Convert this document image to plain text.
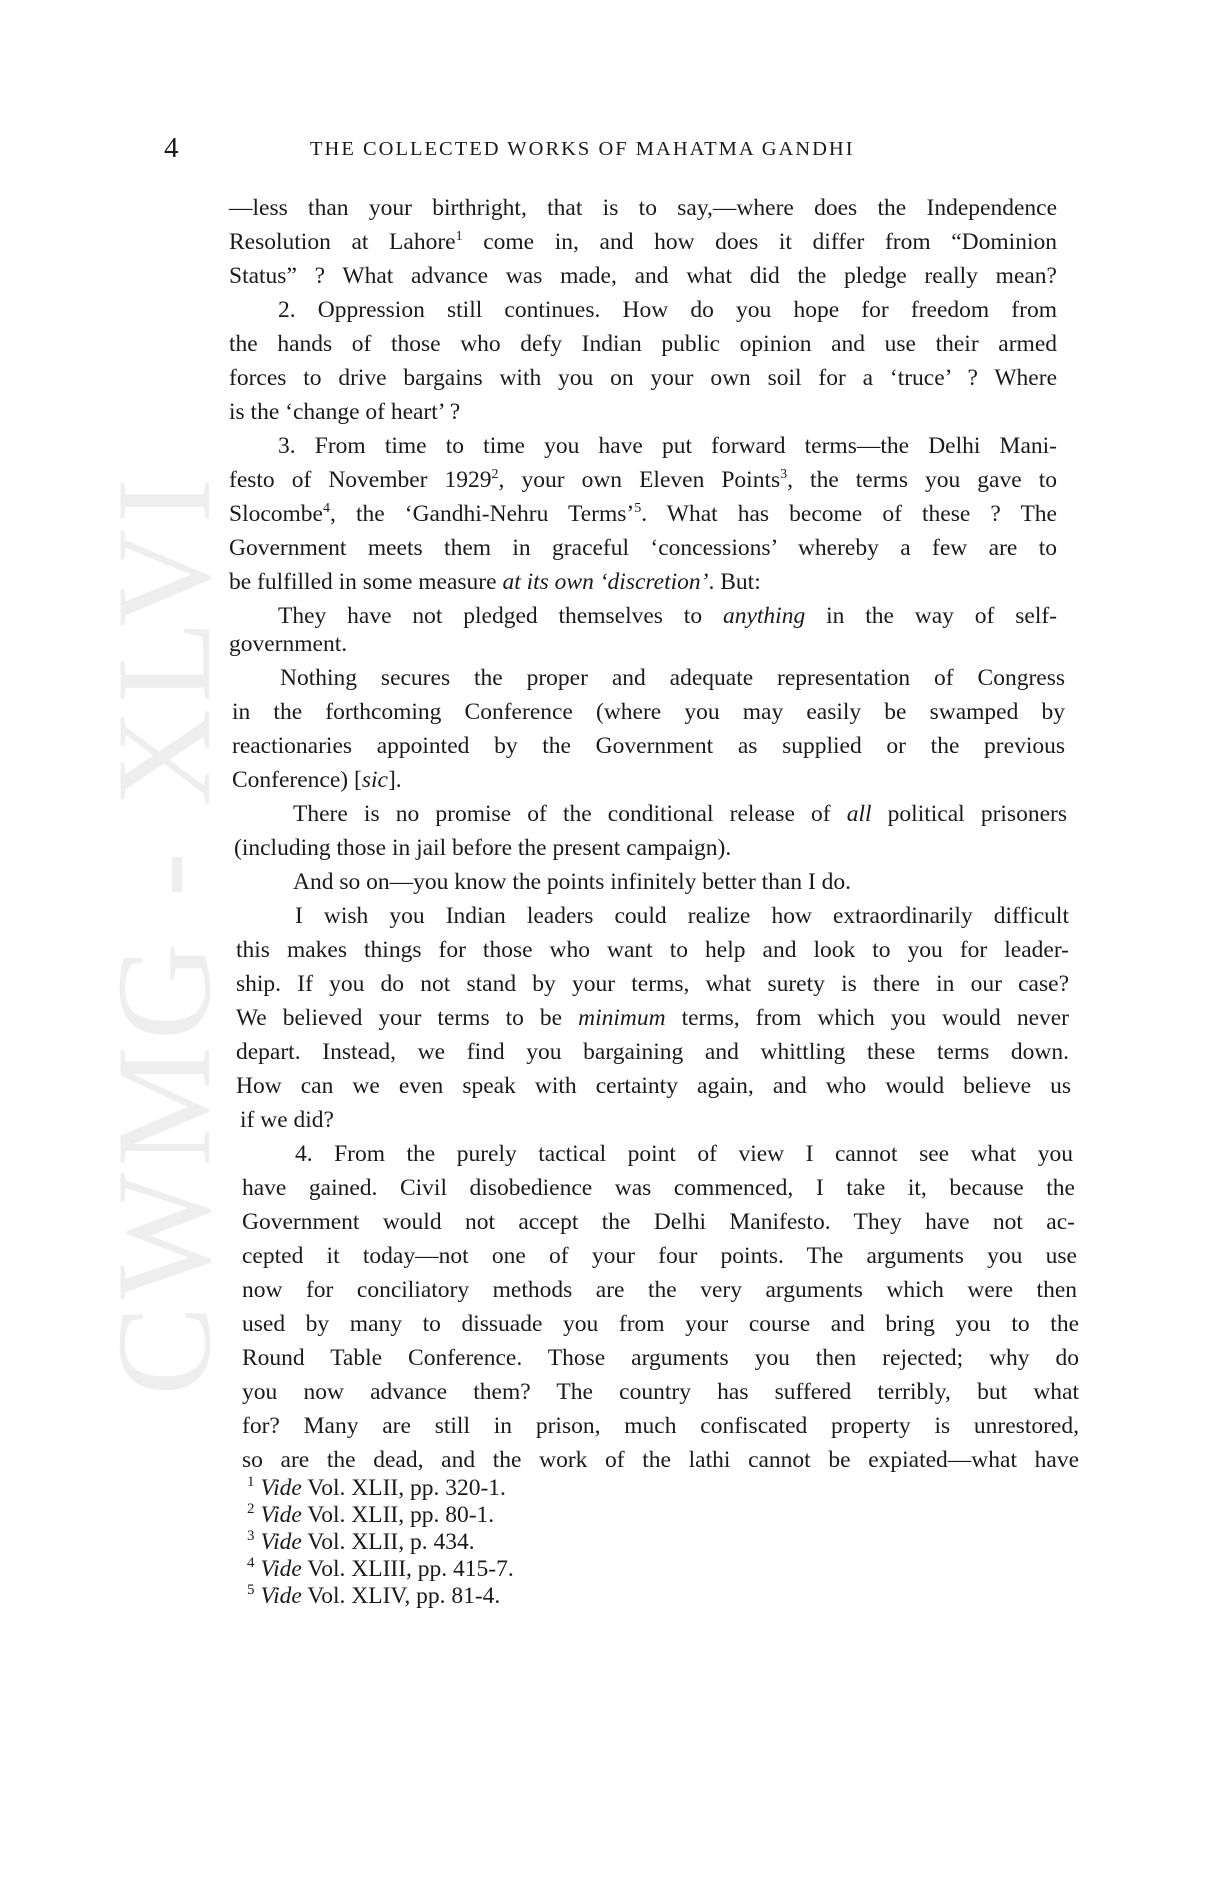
4	THE COLLECTED WORKS OF MAHATMA GANDHI
CWMG - XLVI
—less than your birthright, that is to say,—where does the Independence
Resolution at Lahore$^1$ come in, and how does it differ from “Dominion
Status” ? What advance was made, and what did the pledge really mean?
2. Oppression still continues. How do you hope for freedom from
the hands of those who defy Indian public opinion and use their armed
forces to drive bargains with you on your own soil for a ‘truce’ ? Where
is the ‘change of heart’ ?
3. From time to time you have put forward terms—the Delhi Mani-
festo of November 1929$^2$, your own Eleven Points$^3$, the terms you gave to
Slocombe$^4$, the ‘Gandhi-Nehru Terms’$^5$. What has become of these ? The
Government meets them in graceful ‘concessions’ whereby a few are to
be fulfilled in some measure at its own ‘discretion’. But:
They have not pledged themselves to anything in the way of self-
government.
Nothing secures the proper and adequate representation of Congress
in the forthcoming Conference (where you may easily be swamped by
reactionaries appointed by the Government as supplied or the previous
Conference) [sic].
There is no promise of the conditional release of all political prisoners
(including those in jail before the present campaign).
And so on—you know the points infinitely better than I do.
I wish you Indian leaders could realize how extraordinarily difficult
this makes things for those who want to help and look to you for leader-
ship. If you do not stand by your terms, what surety is there in our case?
We believed your terms to be minimum terms, from which you would never
depart. Instead, we find you bargaining and whittling these terms down.
How can we even speak with certainty again, and who would believe us
if we did?
4. From the purely tactical point of view I cannot see what you
have gained. Civil disobedience was commenced, I take it, because the
Government would not accept the Delhi Manifesto. They have not ac-
cepted it today—not one of your four points. The arguments you use
now for conciliatory methods are the very arguments which were then
used by many to dissuade you from your course and bring you to the
Round Table Conference. Those arguments you then rejected; why do
you now advance them? The country has suffered terribly, but what
for? Many are still in prison, much confiscated property is unrestored,
so are the dead, and the work of the lathi cannot be expiated—what have
$^1$ Vide Vol. XLII, pp. 320-1.
$^2$ Vide Vol. XLII, pp. 80-1.
$^3$ Vide Vol. XLII, p. 434.
$^4$ Vide Vol. XLIII, pp. 415-7.
$^5$ Vide Vol. XLIV, pp. 81-4.
